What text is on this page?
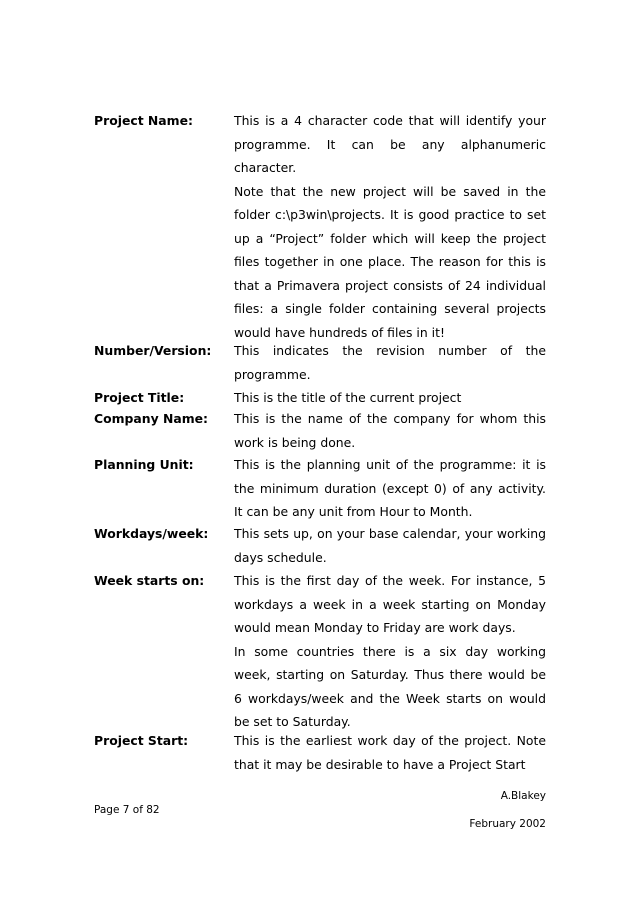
Project Name:	This is a 4 character code that will identify your programme. It can be any alphanumeric character.

Note that the new project will be saved in the folder c:\p3win\projects. It is good practice to set up a “Project” folder which will keep the project files together in one place. The reason for this is that a Primavera project consists of 24 individual files: a single folder containing several projects would have hundreds of files in it!

Number/Version: This indicates the revision number of the programme.

Project Title:	This is the title of the current project

Company Name: This is the name of the company for whom this work is being done.

Planning Unit:	This is the planning unit of the programme: it is the minimum duration (except 0) of any activity. It can be any unit from Hour to Month.

Workdays/week: This sets up, on your base calendar, your working days schedule.

Week starts on: This is the first day of the week. For instance, 5 workdays a week in a week starting on Monday would mean Monday to Friday are work days.

In some countries there is a six day working week, starting on Saturday. Thus there would be 6 workdays/week and the Week starts on would be set to Saturday.

Project Start:	This is the earliest work day of the project. Note that it may be desirable to have a Project Start

A.Blakey
Page 7 of 82
February 2002
